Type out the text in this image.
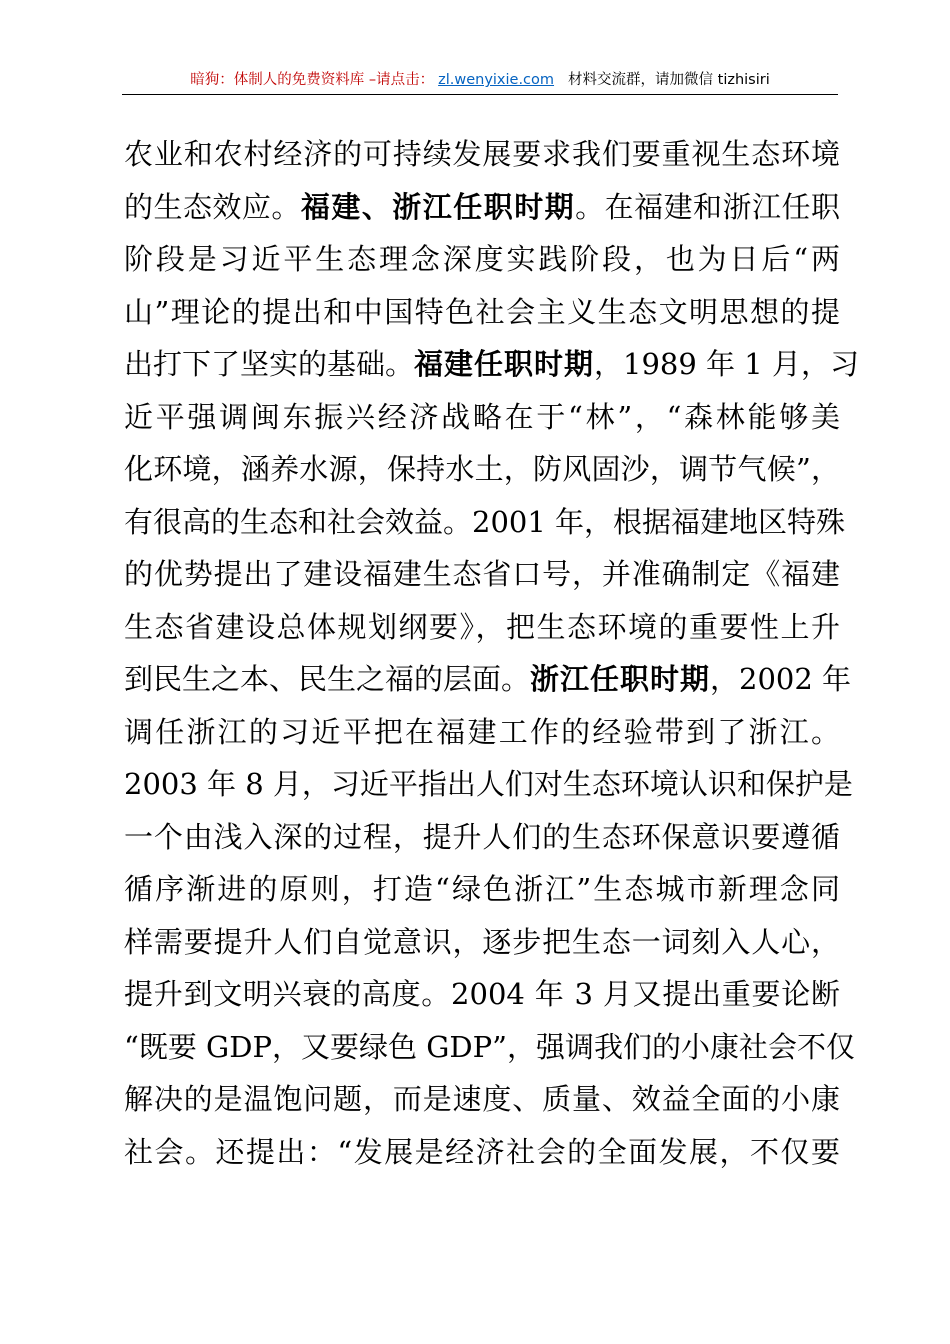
暗狗：体制人的免费资料库 –请点击： zl.wenyixie.com 材料交流群，请加微信 tizhisiri
农业和农村经济的可持续发展要求我们要重视生态环境
的生态效应。福建、浙江任职时期。在福建和浙江任职
阶段是习近平生态理念深度实践阶段，也为日后“两
山”理论的提出和中国特色社会主义生态文明思想的提
出打下了坚实的基础。福建任职时期，1989 年 1 月，习
近平强调闽东振兴经济战略在于“林”，“森林能够美
化环境，涵养水源，保持水土，防风固沙，调节气候”，
有很高的生态和社会效益。2001 年，根据福建地区特殊
的优势提出了建设福建生态省口号，并准确制定《福建
生态省建设总体规划纲要》，把生态环境的重要性上升
到民生之本、民生之福的层面。浙江任职时期，2002 年
调任浙江的习近平把在福建工作的经验带到了浙江。
2003 年 8 月，习近平指出人们对生态环境认识和保护是
一个由浅入深的过程，提升人们的生态环保意识要遵循
循序渐进的原则，打造“绿色浙江”生态城市新理念同
样需要提升人们自觉意识，逐步把生态一词刻入人心，
提升到文明兴衰的高度。2004 年 3 月又提出重要论断
“既要 GDP，又要绿色 GDP”，强调我们的小康社会不仅
解决的是温饱问题，而是速度、质量、效益全面的小康
社会。还提出：“发展是经济社会的全面发展，不仅要
